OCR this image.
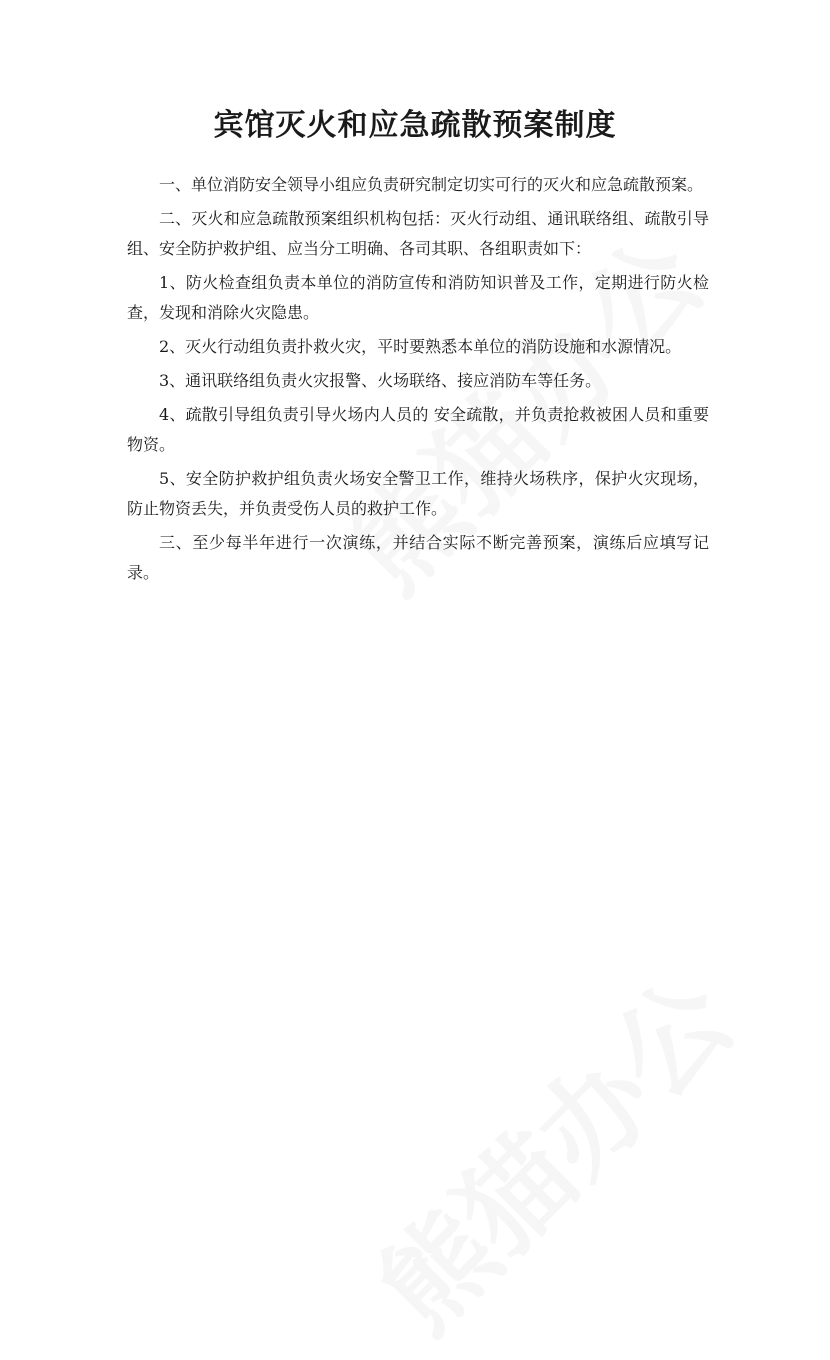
宾馆灭火和应急疏散预案制度

一、单位消防安全领导小组应负责研究制定切实可行的灭火和应急疏散预案。

二、灭火和应急疏散预案组织机构包括：灭火行动组、通讯联络组、疏散引导组、安全防护救护组、应当分工明确、各司其职、各组职责如下：

1、防火检查组负责本单位的消防宣传和消防知识普及工作，定期进行防火检查，发现和消除火灾隐患。

2、灭火行动组负责扑救火灾，平时要熟悉本单位的消防设施和水源情况。

3、通讯联络组负责火灾报警、火场联络、接应消防车等任务。

4、疏散引导组负责引导火场内人员的 安全疏散，并负责抢救被困人员和重要物资。

5、安全防护救护组负责火场安全警卫工作，维持火场秩序，保护火灾现场，防止物资丢失，并负责受伤人员的救护工作。

三、至少每半年进行一次演练，并结合实际不断完善预案，演练后应填写记录。
